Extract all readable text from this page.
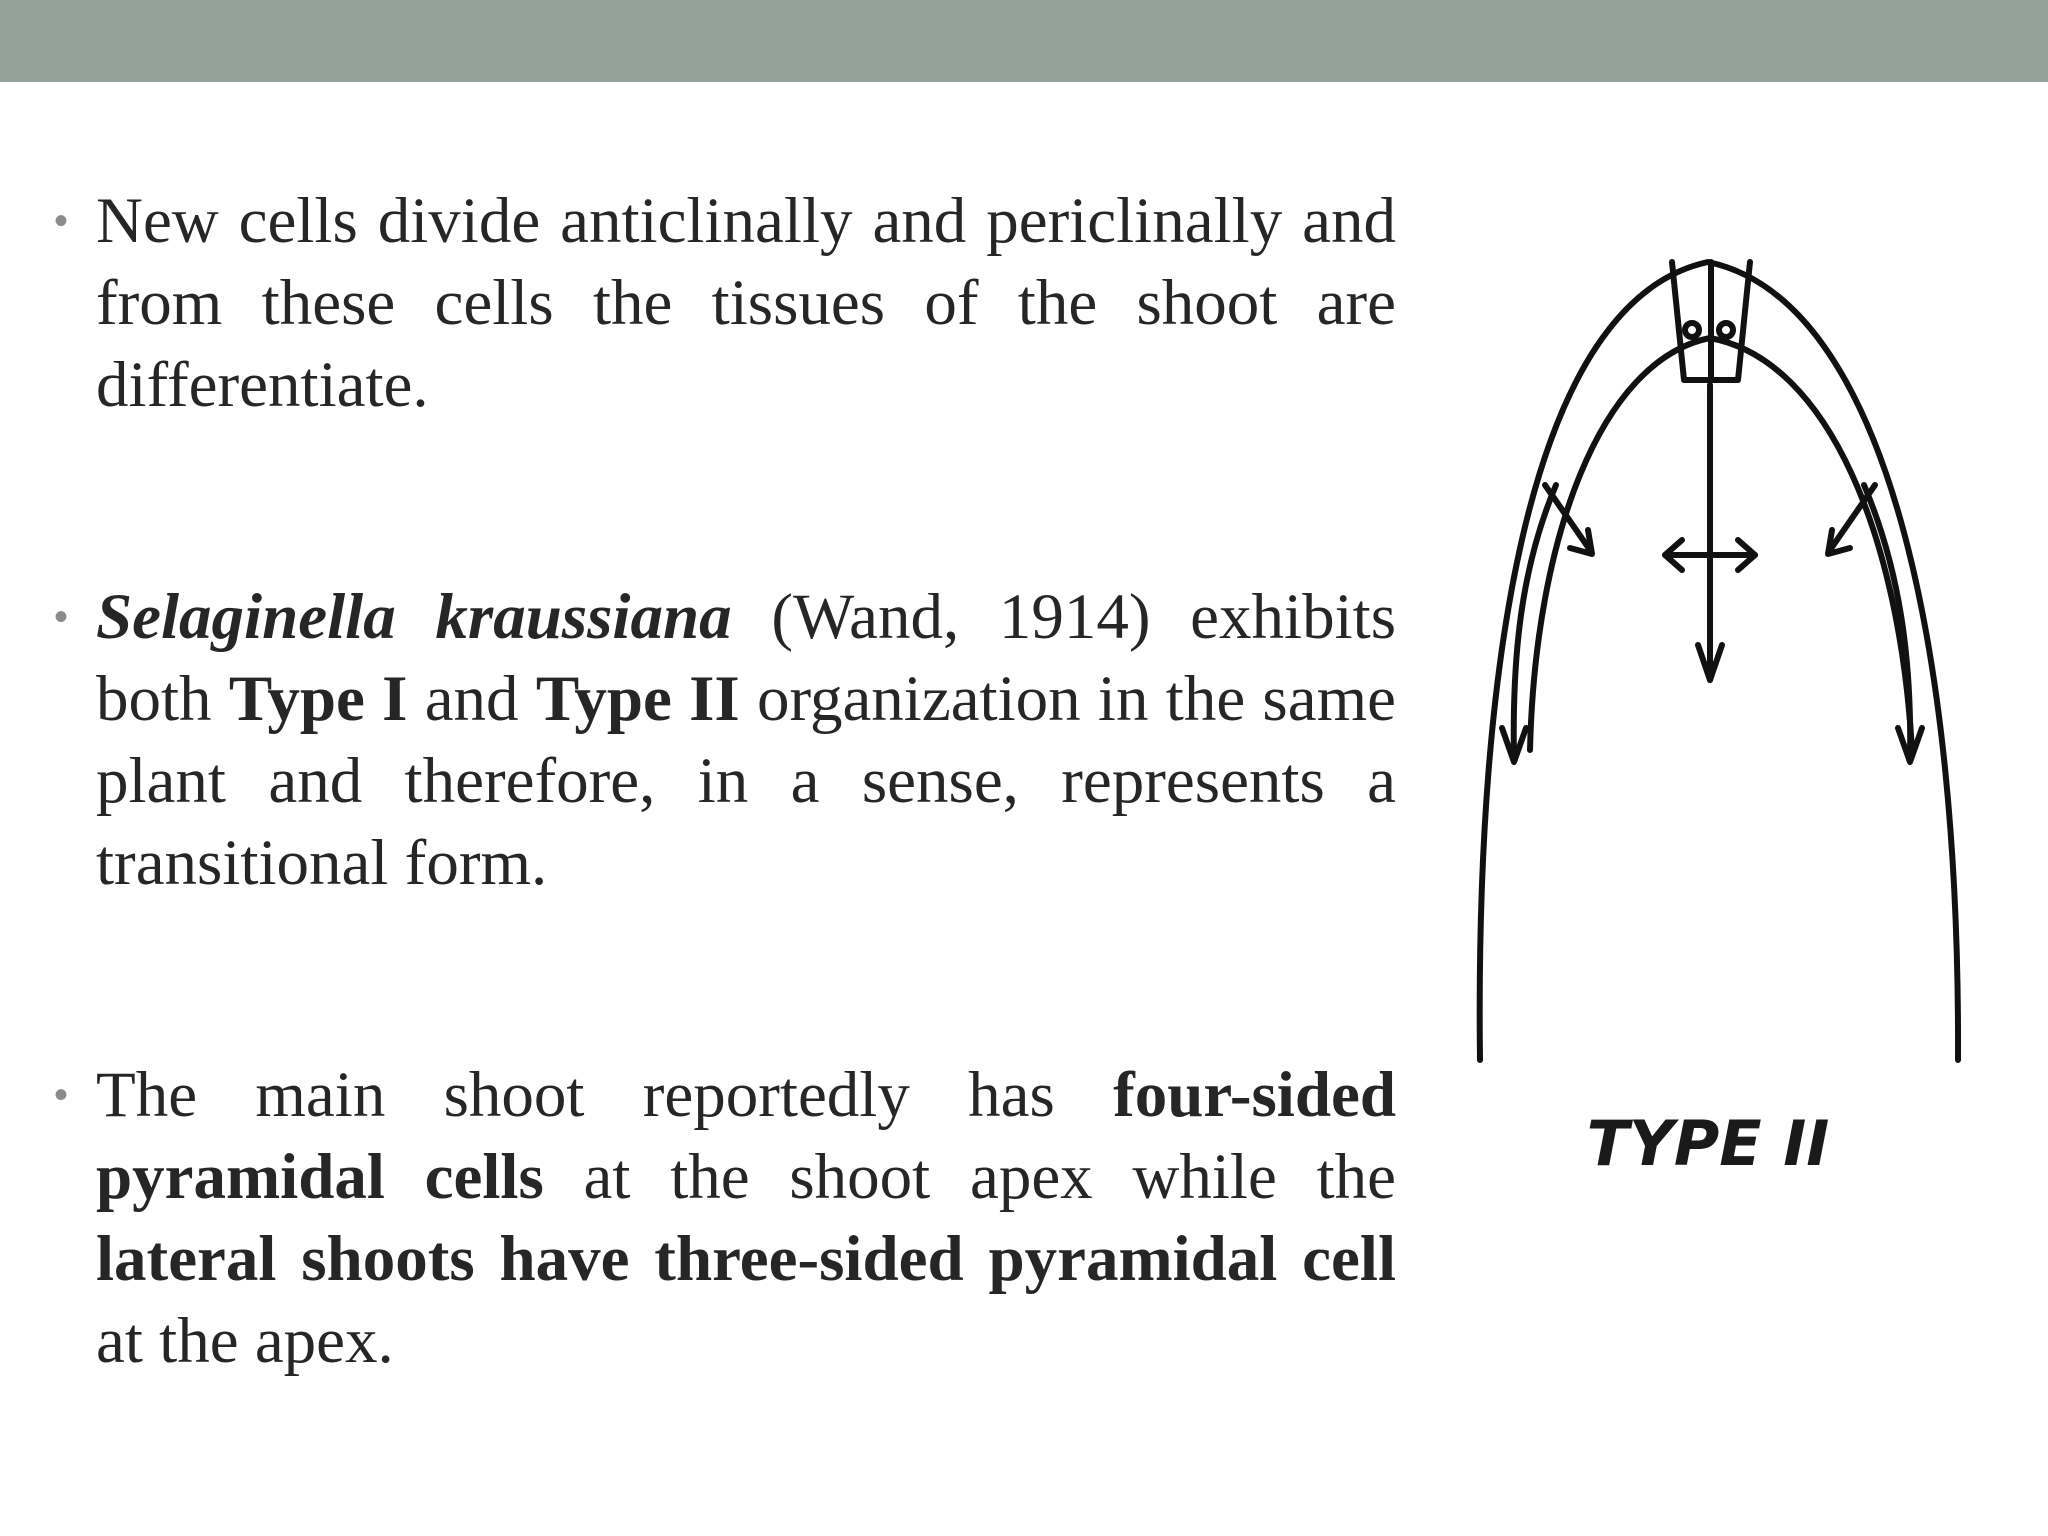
• New cells divide anticlinally and periclinally and from these cells the tissues of the shoot are differentiate.
• Selaginella kraussiana (Wand, 1914) exhibits both Type I and Type II organization in the same plant and therefore, in a sense, represents a transitional form.
• The main shoot reportedly has four-sided pyramidal cells at the shoot apex while the lateral shoots have three-sided pyramidal cell at the apex.
TYPE II
